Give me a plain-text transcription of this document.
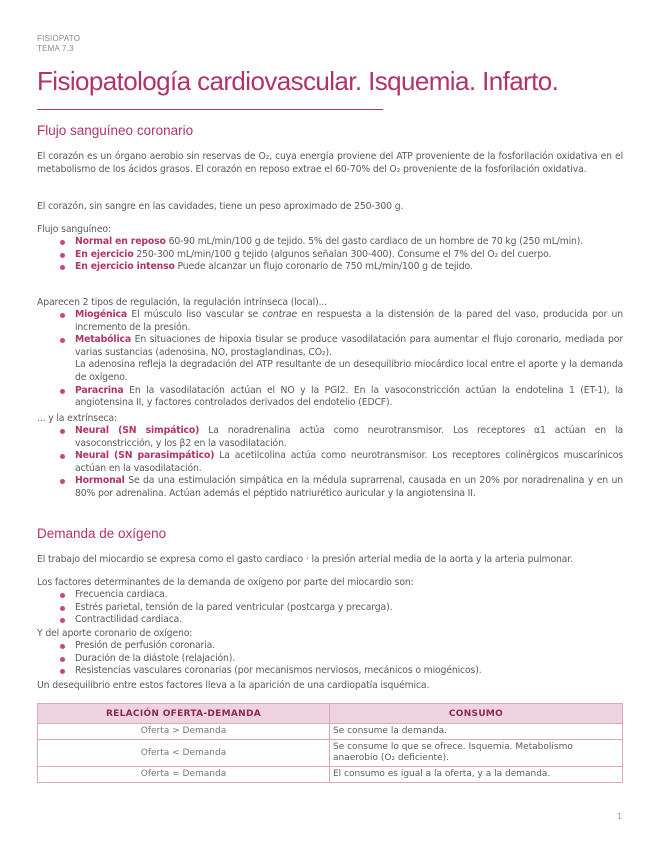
FISIOPATO
TEMA 7.3
Fisiopatología cardiovascular. Isquemia. Infarto.
Flujo sanguíneo coronario
El corazón es un órgano aerobio sin reservas de O₂, cuya energía proviene del ATP proveniente de la fosforilación oxidativa en el metabolismo de los ácidos grasos. El corazón en reposo extrae el 60-70% del O₂ proveniente de la fosforilación oxidativa.
El corazón, sin sangre en las cavidades, tiene un peso aproximado de 250-300 g.
Flujo sanguíneo:
Normal en reposo 60-90 mL/min/100 g de tejido. 5% del gasto cardiaco de un hombre de 70 kg (250 mL/min).
En ejercicio 250-300 mL/min/100 g tejido (algunos señalan 300-400). Consume el 7% del O₂ del cuerpo.
En ejercicio intenso Puede alcanzar un flujo coronario de 750 mL/min/100 g de tejido.
Aparecen 2 tipos de regulación, la regulación intrínseca (local)...
Miogénica El músculo liso vascular se contrae en respuesta a la distensión de la pared del vaso, producida por un incremento de la presión.
Metabólica En situaciones de hipoxia tisular se produce vasodilatación para aumentar el flujo coronario, mediada por varias sustancias (adenosina, NO, prostaglandinas, CO₂).
La adenosina refleja la degradación del ATP resultante de un desequilibrio miocárdico local entre el aporte y la demanda de oxígeno.
Paracrina En la vasodilatación actúan el NO y la PGI2. En la vasoconstricción actúan la endotelina 1 (ET-1), la angiotensina II, y factores controlados derivados del endotelio (EDCF).
... y la extrínseca:
Neural (SN simpático) La noradrenalina actúa como neurotransmisor. Los receptores α1 actúan en la vasoconstricción, y los β2 en la vasodilatación.
Neural (SN parasimpático) La acetilcolina actúa como neurotransmisor. Los receptores colinérgicos muscarínicos actúan en la vasodilatación.
Hormonal Se da una estimulación simpática en la médula suprarrenal, causada en un 20% por noradrenalina y en un 80% por adrenalina. Actúan además el péptido natriurético auricular y la angiotensina II.
Demanda de oxígeno
El trabajo del miocardio se expresa como el gasto cardiaco · la presión arterial media de la aorta y la arteria pulmonar.
Los factores determinantes de la demanda de oxígeno por parte del miocardio son:
Frecuencia cardiaca.
Estrés parietal, tensión de la pared ventricular (postcarga y precarga).
Contractilidad cardiaca.
Y del aporte coronario de oxígeno:
Presión de perfusión coronaria.
Duración de la diástole (relajación).
Resistencias vasculares coronarias (por mecanismos nerviosos, mecánicos o miogénicos).
Un desequilibrio entre estos factores lleva a la aparición de una cardiopatía isquémica.
RELACIÓN OFERTA-DEMANDA	CONSUMO
Oferta > Demanda	Se consume la demanda.
Oferta < Demanda	Se consume lo que se ofrece. Isquemia. Metabolismo anaerobio (O₂ deficiente).
Oferta = Demanda	El consumo es igual a la oferta, y a la demanda.
1
